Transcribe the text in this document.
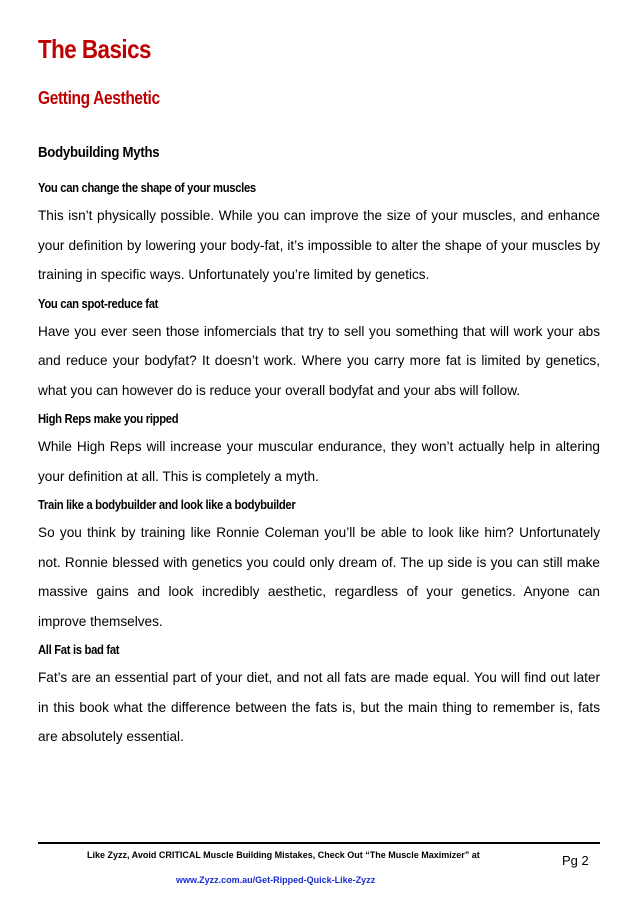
The Basics
Getting Aesthetic
Bodybuilding Myths
You can change the shape of your muscles

This isn’t physically possible. While you can improve the size of your muscles, and enhance your definition by lowering your body-fat, it’s impossible to alter the shape of your muscles by training in specific ways. Unfortunately you’re limited by genetics.

You can spot-reduce fat

Have you ever seen those infomercials that try to sell you something that will work your abs and reduce your bodyfat? It doesn’t work. Where you carry more fat is limited by genetics, what you can however do is reduce your overall bodyfat and your abs will follow.

High Reps make you ripped

While High Reps will increase your muscular endurance, they won’t actually help in altering your definition at all. This is completely a myth.

Train like a bodybuilder and look like a bodybuilder

So you think by training like Ronnie Coleman you’ll be able to look like him? Unfortunately not. Ronnie blessed with genetics you could only dream of. The up side is you can still make massive gains and look incredibly aesthetic, regardless of your genetics. Anyone can improve themselves.

All Fat is bad fat

Fat’s are an essential part of your diet, and not all fats are made equal. You will find out later in this book what the difference between the fats is, but the main thing to remember is, fats are absolutely essential.

Like Zyzz, Avoid CRITICAL Muscle Building Mistakes, Check Out “The Muscle Maximizer” at
www.Zyzz.com.au/Get-Ripped-Quick-Like-Zyzz
Pg 2
